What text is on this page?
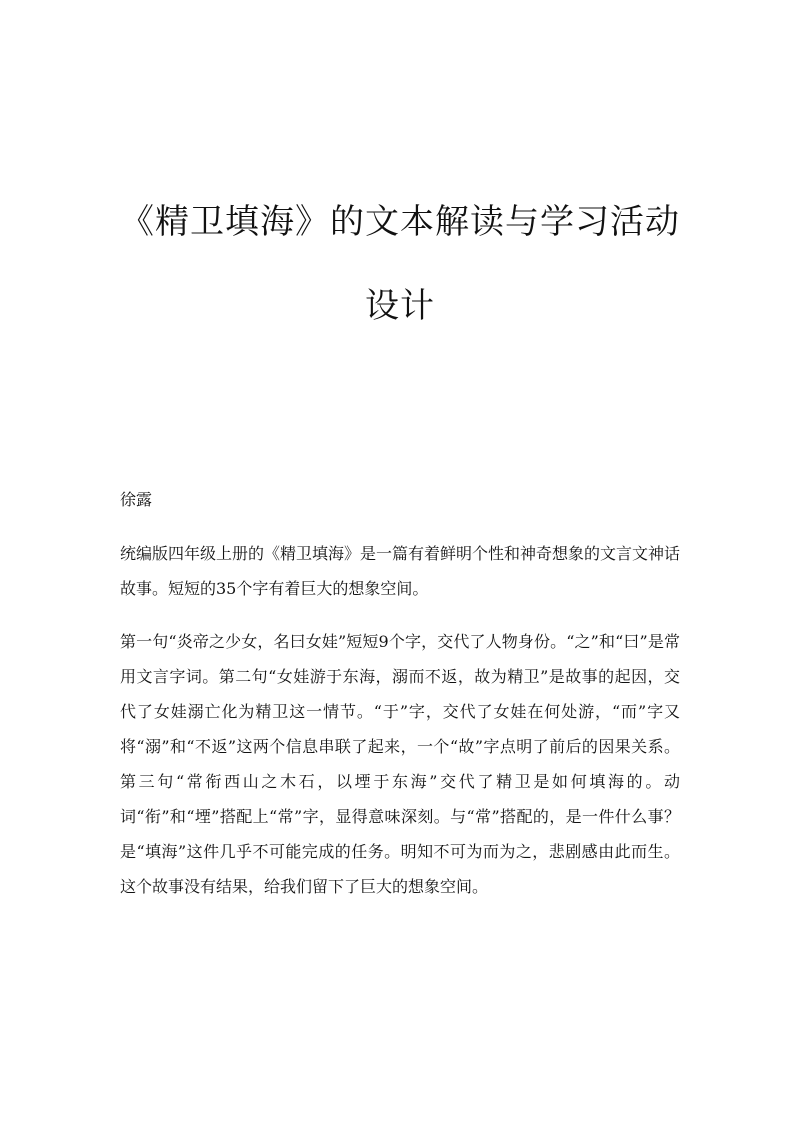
《精卫填海》的文本解读与学习活动设计

徐露

统编版四年级上册的《精卫填海》是一篇有着鲜明个性和神奇想象的文言文神话故事。短短的35个字有着巨大的想象空间。

第一句“炎帝之少女，名曰女娃”短短9个字，交代了人物身份。“之”和“曰”是常用文言字词。第二句“女娃游于东海，溺而不返，故为精卫”是故事的起因，交代了女娃溺亡化为精卫这一情节。“于”字，交代了女娃在何处游，“而”字又将“溺”和“不返”这两个信息串联了起来，一个“故”字点明了前后的因果关系。第三句“常衔西山之木石，以堙于东海”交代了精卫是如何填海的。动词“衔”和“堙”搭配上“常”字，显得意味深刻。与“常”搭配的，是一件什么事？是“填海”这件几乎不可能完成的任务。明知不可为而为之，悲剧感由此而生。这个故事没有结果，给我们留下了巨大的想象空间。
